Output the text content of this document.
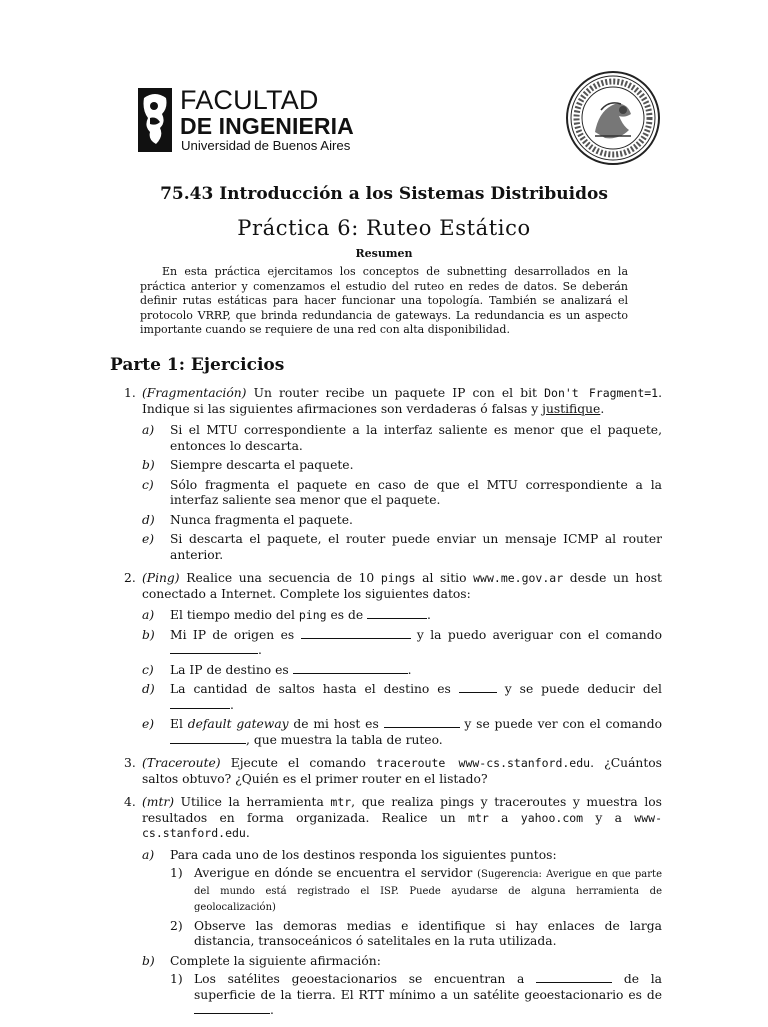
FACULTAD
DE INGENIERIA
Universidad de Buenos Aires
75.43 Introducción a los Sistemas Distribuidos
Práctica 6: Ruteo Estático
Resumen
En esta práctica ejercitamos los conceptos de subnetting desarrollados en la práctica anterior y comenzamos el estudio del ruteo en redes de datos. Se deberán definir rutas estáticas para hacer funcionar una topología. También se analizará el protocolo VRRP, que brinda redundancia de gateways. La redundancia es un aspecto importante cuando se requiere de una red con alta disponibilidad.
Parte 1: Ejercicios
1. (Fragmentación) Un router recibe un paquete IP con el bit Don't Fragment=1. Indique si las siguientes afirmaciones son verdaderas ó falsas y justifique.
a) Si el MTU correspondiente a la interfaz saliente es menor que el paquete, entonces lo descarta.
b) Siempre descarta el paquete.
c) Sólo fragmenta el paquete en caso de que el MTU correspondiente a la interfaz saliente sea menor que el paquete.
d) Nunca fragmenta el paquete.
e) Si descarta el paquete, el router puede enviar un mensaje ICMP al router anterior.
2. (Ping) Realice una secuencia de 10 pings al sitio www.me.gov.ar desde un host conectado a Internet. Complete los siguientes datos:
a) El tiempo medio del ping es de	.
b) Mi IP de origen es	y la puedo averiguar con el comando .
c) La IP de destino es	.
d) La cantidad de saltos hasta el destino es	y se puede deducir del .
e) El default gateway de mi host es	y se puede ver con el comando , que muestra la tabla de ruteo.
3. (Traceroute) Ejecute el comando traceroute www-cs.stanford.edu. ¿Cuántos saltos obtuvo? ¿Quién es el primer router en el listado?
4. (mtr) Utilice la herramienta mtr, que realiza pings y traceroutes y muestra los resultados en forma organizada. Realice un mtr a yahoo.com y a www-cs.stanford.edu.
a) Para cada uno de los destinos responda los siguientes puntos:
1) Averigue en dónde se encuentra el servidor (Sugerencia: Averigue en que parte del mundo está registrado el ISP. Puede ayudarse de alguna herramienta de geolocalización)
2) Observe las demoras medias e identifique si hay enlaces de larga distancia, transoceánicos ó satelitales en la ruta utilizada.
b) Complete la siguiente afirmación:
1) Los satélites geoestacionarios se encuentran a	de la superficie de la tierra. El RTT mínimo a un satélite geoestacionario es de .
